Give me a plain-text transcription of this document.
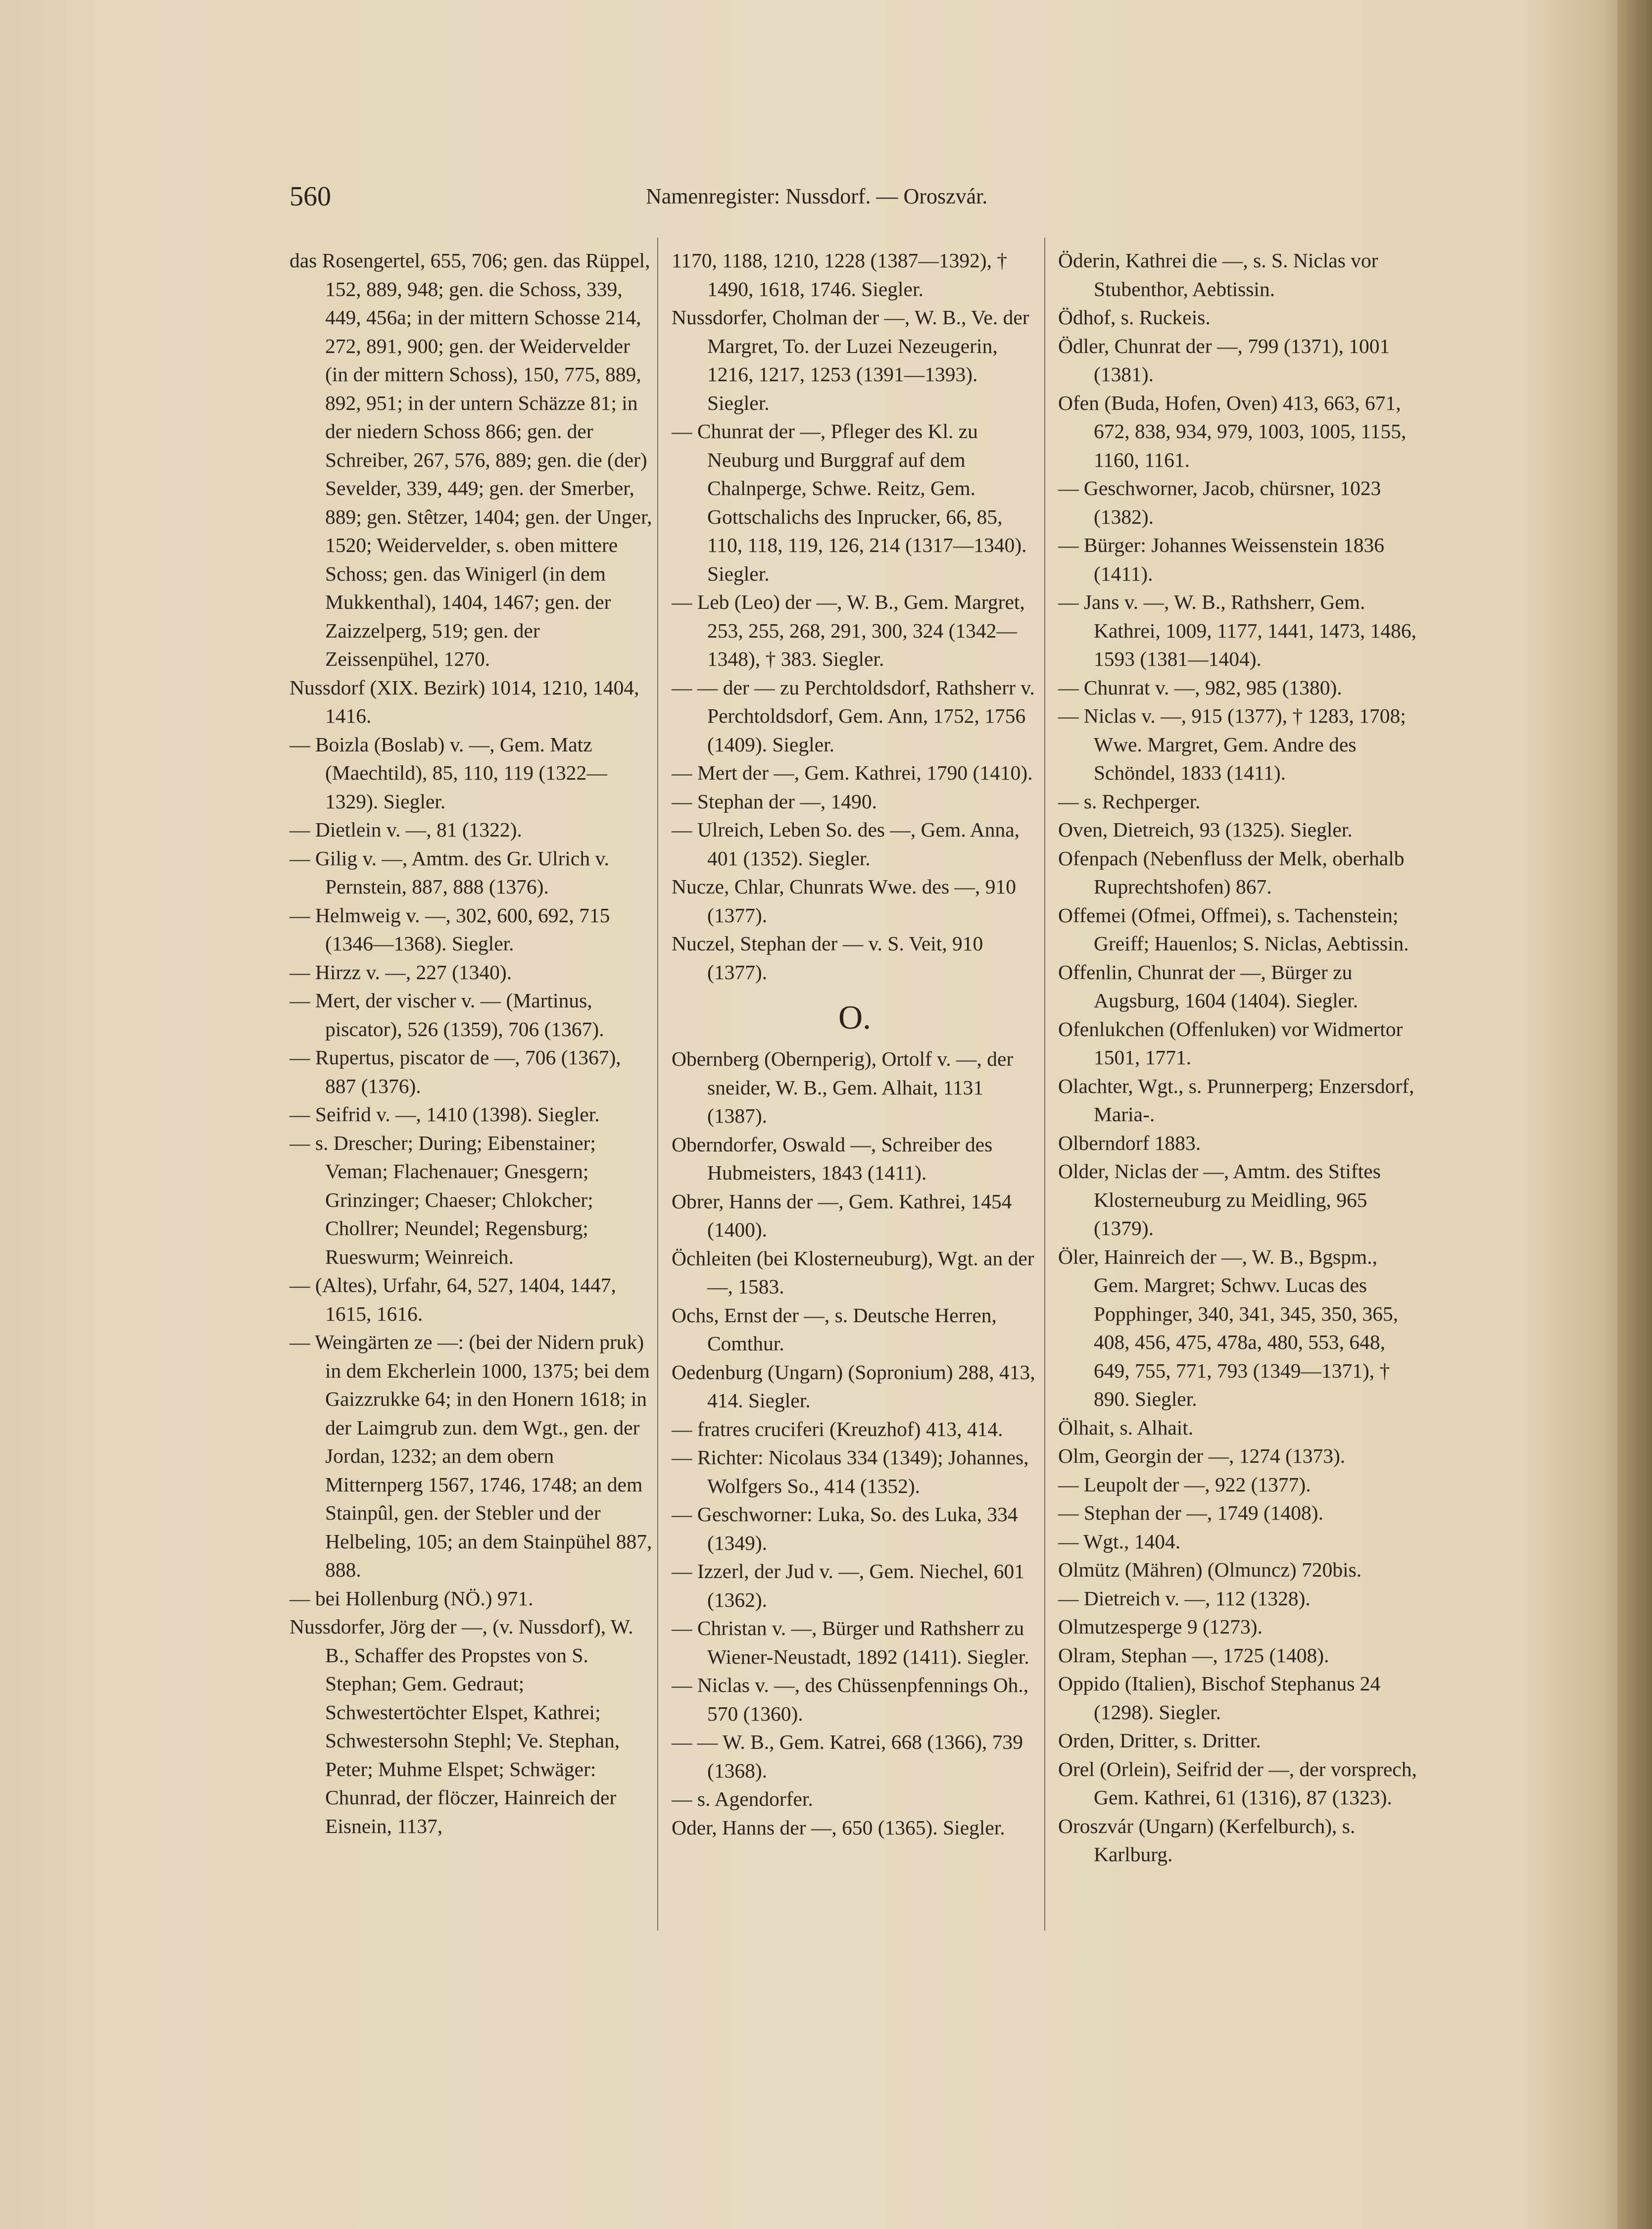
560	Namenregister: Nussdorf. — Oroszvár.
das Rosengertel, 655, 706; gen. das Rüppel, 152, 889, 948; gen. die Schoss, 339, 449, 456a; in der mittern Schosse 214, 272, 891, 900; gen. der Weidervelder (in der mittern Schoss), 150, 775, 889, 892, 951; in der untern Schäzze 81; in der niedern Schoss 866; gen. der Schreiber, 267, 576, 889; gen. die (der) Sevelder, 339, 449; gen. der Smerber, 889; gen. Stêtzer, 1404; gen. der Unger, 1520; Weidervelder, s. oben mittere Schoss; gen. das Winigerl (in dem Mukkenthal), 1404, 1467; gen. der Zaizzelperg, 519; gen. der Zeissenpühel, 1270.
Nussdorf (XIX. Bezirk) 1014, 1210, 1404, 1416.
— Boizla (Boslab) v. —, Gem. Matz (Maechtild), 85, 110, 119 (1322—1329). Siegler.
— Dietlein v. —, 81 (1322).
— Gilig v. —, Amtm. des Gr. Ulrich v. Pernstein, 887, 888 (1376).
— Helmweig v. —, 302, 600, 692, 715 (1346—1368). Siegler.
— Hirzz v. —, 227 (1340).
— Mert, der vischer v. — (Martinus, piscator), 526 (1359), 706 (1367).
— Rupertus, piscator de —, 706 (1367), 887 (1376).
— Seifrid v. —, 1410 (1398). Siegler.
— s. Drescher; During; Eibenstainer; Veman; Flachenauer; Gnesgern; Grinzinger; Chaeser; Chlokcher; Chollrer; Neundel; Regensburg; Rueswurm; Weinreich.
— (Altes), Urfahr, 64, 527, 1404, 1447, 1615, 1616.
— Weingärten ze —: (bei der Nidern pruk) in dem Ekcherlein 1000, 1375; bei dem Gaizzrukke 64; in den Honern 1618; in der Laimgrub zun. dem Wgt., gen. der Jordan, 1232; an dem obern Mitternperg 1567, 1746, 1748; an dem Stainpûl, gen. der Stebler und der Helbeling, 105; an dem Stainpühel 887, 888.
— bei Hollenburg (NÖ.) 971.
Nussdorfer, Jörg der —, (v. Nussdorf), W. B., Schaffer des Propstes von S. Stephan; Gem. Gedraut; Schwestertöchter Elspet, Kathrei; Schwestersohn Stephl; Ve. Stephan, Peter; Muhme Elspet; Schwäger: Chunrad, der flöczer, Hainreich der Eisnein, 1137,
1170, 1188, 1210, 1228 (1387—1392), † 1490, 1618, 1746. Siegler.
Nussdorfer, Cholman der —, W. B., Ve. der Margret, To. der Luzei Nezeugerin, 1216, 1217, 1253 (1391—1393). Siegler.
— Chunrat der —, Pfleger des Kl. zu Neuburg und Burggraf auf dem Chalnperge, Schwe. Reitz, Gem. Gottschalichs des Inprucker, 66, 85, 110, 118, 119, 126, 214 (1317—1340). Siegler.
— Leb (Leo) der —, W. B., Gem. Margret, 253, 255, 268, 291, 300, 324 (1342—1348), † 383. Siegler.
— — der — zu Perchtoldsdorf, Rathsherr v. Perchtoldsdorf, Gem. Ann, 1752, 1756 (1409). Siegler.
— Mert der —, Gem. Kathrei, 1790 (1410).
— Stephan der —, 1490.
— Ulreich, Leben So. des —, Gem. Anna, 401 (1352). Siegler.
Nucze, Chlar, Chunrats Wwe. des —, 910 (1377).
Nuczel, Stephan der — v. S. Veit, 910 (1377).
O.
Obernberg (Obernperig), Ortolf v. —, der sneider, W. B., Gem. Alhait, 1131 (1387).
Oberndorfer, Oswald —, Schreiber des Hubmeisters, 1843 (1411).
Obrer, Hanns der —, Gem. Kathrei, 1454 (1400).
Öchleiten (bei Klosterneuburg), Wgt. an der —, 1583.
Ochs, Ernst der —, s. Deutsche Herren, Comthur.
Oedenburg (Ungarn) (Sopronium) 288, 413, 414. Siegler.
— fratres cruciferi (Kreuzhof) 413, 414.
— Richter: Nicolaus 334 (1349); Johannes, Wolfgers So., 414 (1352).
— Geschworner: Luka, So. des Luka, 334 (1349).
— Izzerl, der Jud v. —, Gem. Niechel, 601 (1362).
— Christan v. —, Bürger und Rathsherr zu Wiener-Neustadt, 1892 (1411). Siegler.
— Niclas v. —, des Chüssenpfennings Oh., 570 (1360).
— — W. B., Gem. Katrei, 668 (1366), 739 (1368).
— s. Agendorfer.
Oder, Hanns der —, 650 (1365). Siegler.
Öderin, Kathrei die —, s. S. Niclas vor Stubenthor, Aebtissin.
Ödhof, s. Ruckeis.
Ödler, Chunrat der —, 799 (1371), 1001 (1381).
Ofen (Buda, Hofen, Oven) 413, 663, 671, 672, 838, 934, 979, 1003, 1005, 1155, 1160, 1161.
— Geschworner, Jacob, chürsner, 1023 (1382).
— Bürger: Johannes Weissenstein 1836 (1411).
— Jans v. —, W. B., Rathsherr, Gem. Kathrei, 1009, 1177, 1441, 1473, 1486, 1593 (1381—1404).
— Chunrat v. —, 982, 985 (1380).
— Niclas v. —, 915 (1377), † 1283, 1708; Wwe. Margret, Gem. Andre des Schöndel, 1833 (1411).
— s. Rechperger.
Oven, Dietreich, 93 (1325). Siegler.
Ofenpach (Nebenfluss der Melk, oberhalb Ruprechtshofen) 867.
Offemei (Ofmei, Offmei), s. Tachenstein; Greiff; Hauenlos; S. Niclas, Aebtissin.
Offenlin, Chunrat der —, Bürger zu Augsburg, 1604 (1404). Siegler.
Ofenlukchen (Offenluken) vor Widmertor 1501, 1771.
Olachter, Wgt., s. Prunnerperg; Enzersdorf, Maria-.
Olberndorf 1883.
Older, Niclas der —, Amtm. des Stiftes Klosterneuburg zu Meidling, 965 (1379).
Öler, Hainreich der —, W. B., Bgspm., Gem. Margret; Schwv. Lucas des Popphinger, 340, 341, 345, 350, 365, 408, 456, 475, 478a, 480, 553, 648, 649, 755, 771, 793 (1349—1371), † 890. Siegler.
Ölhait, s. Alhait.
Olm, Georgin der —, 1274 (1373).
— Leupolt der —, 922 (1377).
— Stephan der —, 1749 (1408).
— Wgt., 1404.
Olmütz (Mähren) (Olmuncz) 720bis.
— Dietreich v. —, 112 (1328).
Olmutzesperge 9 (1273).
Olram, Stephan —, 1725 (1408).
Oppido (Italien), Bischof Stephanus 24 (1298). Siegler.
Orden, Dritter, s. Dritter.
Orel (Orlein), Seifrid der —, der vorsprech, Gem. Kathrei, 61 (1316), 87 (1323).
Oroszvár (Ungarn) (Kerfelburch), s. Karlburg.
